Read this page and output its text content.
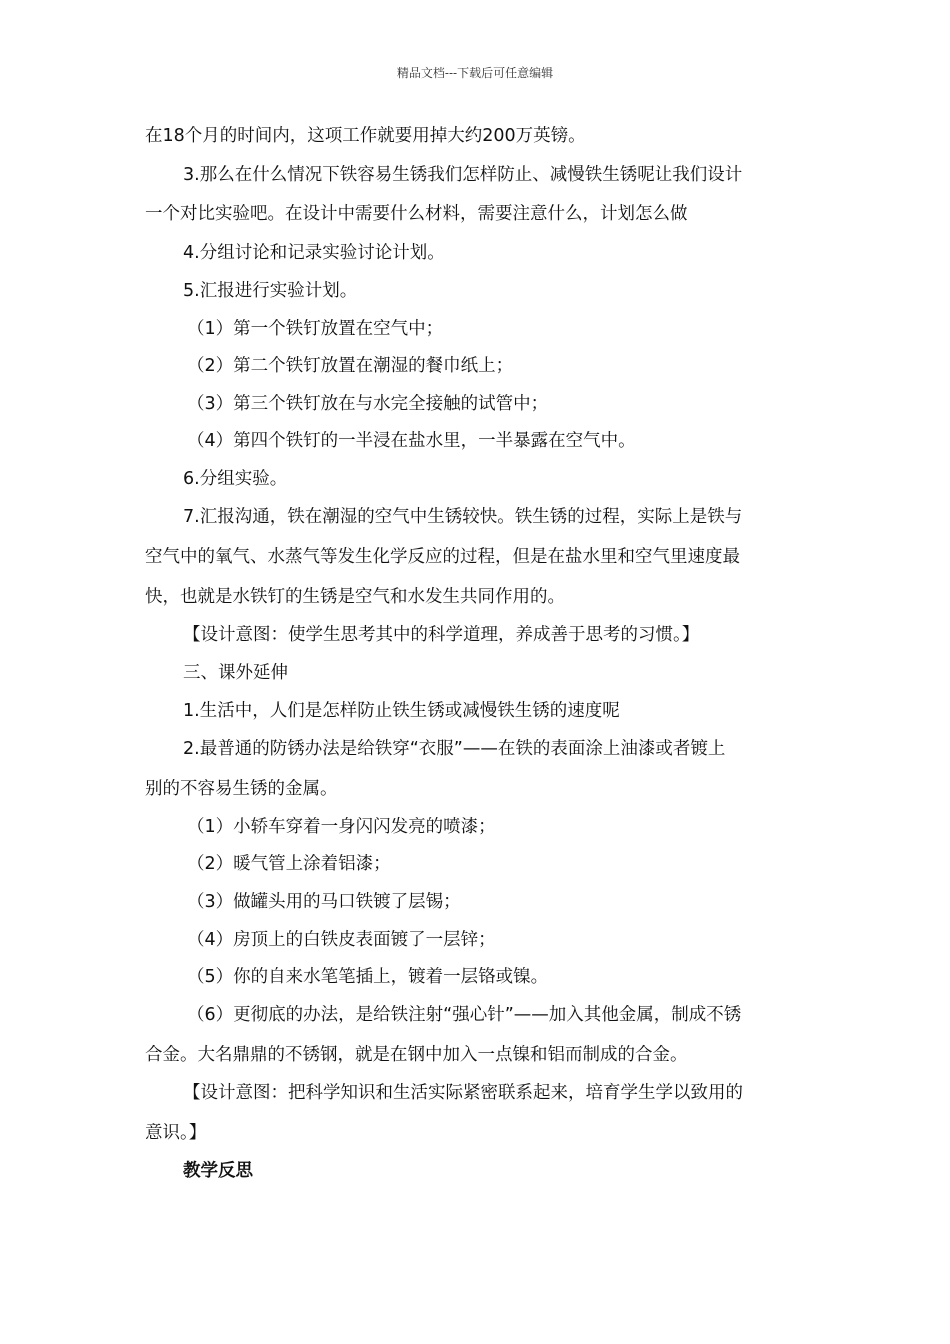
精品文档---下载后可任意编辑
在18个月的时间内，这项工作就要用掉大约200万英镑。
3.那么在什么情况下铁容易生锈我们怎样防止、减慢铁生锈呢让我们设计
一个对比实验吧。在设计中需要什么材料，需要注意什么，计划怎么做
4.分组讨论和记录实验讨论计划。
5.汇报进行实验计划。
（1）第一个铁钉放置在空气中；
（2）第二个铁钉放置在潮湿的餐巾纸上；
（3）第三个铁钉放在与水完全接触的试管中；
（4）第四个铁钉的一半浸在盐水里，一半暴露在空气中。
6.分组实验。
7.汇报沟通，铁在潮湿的空气中生锈较快。铁生锈的过程，实际上是铁与
空气中的氧气、水蒸气等发生化学反应的过程，但是在盐水里和空气里速度最
快，也就是水铁钉的生锈是空气和水发生共同作用的。
【设计意图：使学生思考其中的科学道理，养成善于思考的习惯。】
三、课外延伸
1.生活中，人们是怎样防止铁生锈或减慢铁生锈的速度呢
2.最普通的防锈办法是给铁穿“衣服”——在铁的表面涂上油漆或者镀上
别的不容易生锈的金属。
（1）小轿车穿着一身闪闪发亮的喷漆；
（2）暖气管上涂着铝漆；
（3）做罐头用的马口铁镀了层锡；
（4）房顶上的白铁皮表面镀了一层锌；
（5）你的自来水笔笔插上，镀着一层铬或镍。
（6）更彻底的办法，是给铁注射“强心针”——加入其他金属，制成不锈
合金。大名鼎鼎的不锈钢，就是在钢中加入一点镍和铝而制成的合金。
【设计意图：把科学知识和生活实际紧密联系起来，培育学生学以致用的
意识。】
教学反思
